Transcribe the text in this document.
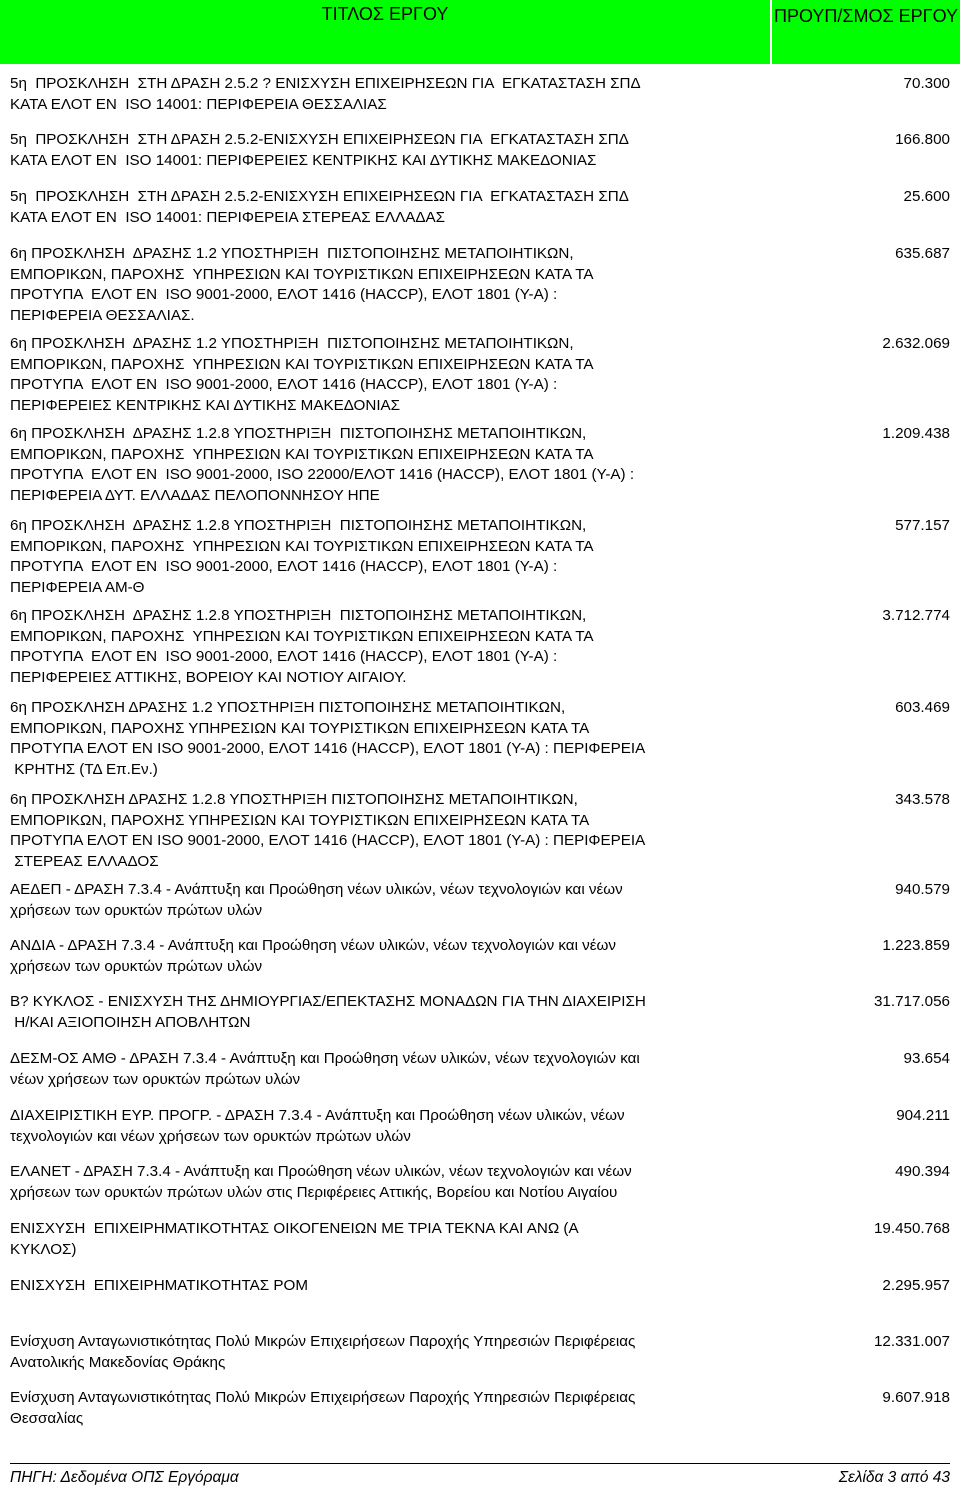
ΤΙΤΛΟΣ ΕΡΓΟΥ	ΠΡΟΥΠ/ΣΜΟΣ ΕΡΓΟΥ
5η  ΠΡΟΣΚΛΗΣΗ  ΣΤΗ ΔΡΑΣΗ 2.5.2 ? ΕΝΙΣΧΥΣΗ ΕΠΙΧΕΙΡΗΣΕΩΝ ΓΙΑ  ΕΓΚΑΤΑΣΤΑΣΗ ΣΠΔ
ΚΑΤΑ ΕΛΟΤ ΕΝ  ISO 14001: ΠΕΡΙΦΕΡΕΙΑ ΘΕΣΣΑΛΙΑΣ
70.300
5η  ΠΡΟΣΚΛΗΣΗ  ΣΤΗ ΔΡΑΣΗ 2.5.2-ΕΝΙΣΧΥΣΗ ΕΠΙΧΕΙΡΗΣΕΩΝ ΓΙΑ  ΕΓΚΑΤΑΣΤΑΣΗ ΣΠΔ
ΚΑΤΑ ΕΛΟΤ ΕΝ  ISO 14001: ΠΕΡΙΦΕΡΕΙΕΣ ΚΕΝΤΡΙΚΗΣ ΚΑΙ ΔΥΤΙΚΗΣ ΜΑΚΕΔΟΝΙΑΣ
166.800
5η  ΠΡΟΣΚΛΗΣΗ  ΣΤΗ ΔΡΑΣΗ 2.5.2-ΕΝΙΣΧΥΣΗ ΕΠΙΧΕΙΡΗΣΕΩΝ ΓΙΑ  ΕΓΚΑΤΑΣΤΑΣΗ ΣΠΔ
ΚΑΤΑ ΕΛΟΤ ΕΝ  ISO 14001: ΠΕΡΙΦΕΡΕΙΑ ΣΤΕΡΕΑΣ ΕΛΛΑΔΑΣ
25.600
6η ΠΡΟΣΚΛΗΣΗ  ΔΡΑΣΗΣ 1.2 ΥΠΟΣΤΗΡΙΞΗ  ΠΙΣΤΟΠΟΙΗΣΗΣ ΜΕΤΑΠΟΙΗΤΙΚΩΝ,
ΕΜΠΟΡΙΚΩΝ, ΠΑΡΟΧΗΣ  ΥΠΗΡΕΣΙΩΝ ΚΑΙ ΤΟΥΡΙΣΤΙΚΩΝ ΕΠΙΧΕΙΡΗΣΕΩΝ ΚΑΤΑ ΤΑ
ΠΡΟΤΥΠΑ  ΕΛΟΤ ΕΝ  ISO 9001-2000, ΕΛΟΤ 1416 (HACCP), ΕΛΟΤ 1801 (Υ-Α) :
ΠΕΡΙΦΕΡΕΙΑ ΘΕΣΣΑΛΙΑΣ.
635.687
6η ΠΡΟΣΚΛΗΣΗ  ΔΡΑΣΗΣ 1.2 ΥΠΟΣΤΗΡΙΞΗ  ΠΙΣΤΟΠΟΙΗΣΗΣ ΜΕΤΑΠΟΙΗΤΙΚΩΝ,
ΕΜΠΟΡΙΚΩΝ, ΠΑΡΟΧΗΣ  ΥΠΗΡΕΣΙΩΝ ΚΑΙ ΤΟΥΡΙΣΤΙΚΩΝ ΕΠΙΧΕΙΡΗΣΕΩΝ ΚΑΤΑ ΤΑ
ΠΡΟΤΥΠΑ  ΕΛΟΤ ΕΝ  ISO 9001-2000, ΕΛΟΤ 1416 (HACCP), ΕΛΟΤ 1801 (Υ-Α) :
ΠΕΡΙΦΕΡΕΙΕΣ ΚΕΝΤΡΙΚΗΣ ΚΑΙ ΔΥΤΙΚΗΣ ΜΑΚΕΔΟΝΙΑΣ
2.632.069
6η ΠΡΟΣΚΛΗΣΗ  ΔΡΑΣΗΣ 1.2.8 ΥΠΟΣΤΗΡΙΞΗ  ΠΙΣΤΟΠΟΙΗΣΗΣ ΜΕΤΑΠΟΙΗΤΙΚΩΝ,
ΕΜΠΟΡΙΚΩΝ, ΠΑΡΟΧΗΣ  ΥΠΗΡΕΣΙΩΝ ΚΑΙ ΤΟΥΡΙΣΤΙΚΩΝ ΕΠΙΧΕΙΡΗΣΕΩΝ ΚΑΤΑ ΤΑ
ΠΡΟΤΥΠΑ  ΕΛΟΤ ΕΝ  ISO 9001-2000, ISO 22000/ΕΛΟΤ 1416 (HACCP), ΕΛΟΤ 1801 (Υ-Α) :
ΠΕΡΙΦΕΡΕΙΑ ΔΥΤ. ΕΛΛΑΔΑΣ ΠΕΛΟΠΟΝΝΗΣΟΥ ΗΠΕ
1.209.438
6η ΠΡΟΣΚΛΗΣΗ  ΔΡΑΣΗΣ 1.2.8 ΥΠΟΣΤΗΡΙΞΗ  ΠΙΣΤΟΠΟΙΗΣΗΣ ΜΕΤΑΠΟΙΗΤΙΚΩΝ,
ΕΜΠΟΡΙΚΩΝ, ΠΑΡΟΧΗΣ  ΥΠΗΡΕΣΙΩΝ ΚΑΙ ΤΟΥΡΙΣΤΙΚΩΝ ΕΠΙΧΕΙΡΗΣΕΩΝ ΚΑΤΑ ΤΑ
ΠΡΟΤΥΠΑ  ΕΛΟΤ ΕΝ  ISO 9001-2000, ΕΛΟΤ 1416 (HACCP), ΕΛΟΤ 1801 (Υ-Α) :
ΠΕΡΙΦΕΡΕΙΑ ΑΜ-Θ
577.157
6η ΠΡΟΣΚΛΗΣΗ  ΔΡΑΣΗΣ 1.2.8 ΥΠΟΣΤΗΡΙΞΗ  ΠΙΣΤΟΠΟΙΗΣΗΣ ΜΕΤΑΠΟΙΗΤΙΚΩΝ,
ΕΜΠΟΡΙΚΩΝ, ΠΑΡΟΧΗΣ  ΥΠΗΡΕΣΙΩΝ ΚΑΙ ΤΟΥΡΙΣΤΙΚΩΝ ΕΠΙΧΕΙΡΗΣΕΩΝ ΚΑΤΑ ΤΑ
ΠΡΟΤΥΠΑ  ΕΛΟΤ ΕΝ  ISO 9001-2000, ΕΛΟΤ 1416 (HACCP), ΕΛΟΤ 1801 (Υ-Α) :
ΠΕΡΙΦΕΡΕΙΕΣ ΑΤΤΙΚΗΣ, ΒΟΡΕΙΟΥ ΚΑΙ ΝΟΤΙΟΥ ΑΙΓΑΙΟΥ.
3.712.774
6η ΠΡΟΣΚΛΗΣΗ ΔΡΑΣΗΣ 1.2 ΥΠΟΣΤΗΡΙΞΗ ΠΙΣΤΟΠΟΙΗΣΗΣ ΜΕΤΑΠΟΙΗΤΙΚΩΝ,
ΕΜΠΟΡΙΚΩΝ, ΠΑΡΟΧΗΣ ΥΠΗΡΕΣΙΩΝ ΚΑΙ ΤΟΥΡΙΣΤΙΚΩΝ ΕΠΙΧΕΙΡΗΣΕΩΝ ΚΑΤΑ ΤΑ
ΠΡΟΤΥΠΑ ΕΛΟΤ ΕΝ ISO 9001-2000, ΕΛΟΤ 1416 (HACCP), ΕΛΟΤ 1801 (Υ-Α) : ΠΕΡΙΦΕΡΕΙΑ
ΚΡΗΤΗΣ (ΤΔ Επ.Εν.)
603.469
6η ΠΡΟΣΚΛΗΣΗ ΔΡΑΣΗΣ 1.2.8 ΥΠΟΣΤΗΡΙΞΗ ΠΙΣΤΟΠΟΙΗΣΗΣ ΜΕΤΑΠΟΙΗΤΙΚΩΝ,
ΕΜΠΟΡΙΚΩΝ, ΠΑΡΟΧΗΣ ΥΠΗΡΕΣΙΩΝ ΚΑΙ ΤΟΥΡΙΣΤΙΚΩΝ ΕΠΙΧΕΙΡΗΣΕΩΝ ΚΑΤΑ ΤΑ
ΠΡΟΤΥΠΑ ΕΛΟΤ ΕΝ ISO 9001-2000, ΕΛΟΤ 1416 (HACCP), ΕΛΟΤ 1801 (Υ-Α) : ΠΕΡΙΦΕΡΕΙΑ
ΣΤΕΡΕΑΣ ΕΛΛΑΔΟΣ
343.578
ΑΕΔΕΠ - ΔΡΑΣΗ 7.3.4 - Ανάπτυξη και Προώθηση νέων υλικών, νέων τεχνολογιών και νέων
χρήσεων των ορυκτών πρώτων υλών
940.579
ΑΝΔΙΑ - ΔΡΑΣΗ 7.3.4 - Ανάπτυξη και Προώθηση νέων υλικών, νέων τεχνολογιών και νέων
χρήσεων των ορυκτών πρώτων υλών
1.223.859
Β? ΚΥΚΛΟΣ - ΕΝΙΣΧΥΣΗ ΤΗΣ ΔΗΜΙΟΥΡΓΙΑΣ/ΕΠΕΚΤΑΣΗΣ ΜΟΝΑΔΩΝ ΓΙΑ ΤΗΝ ΔΙΑΧΕΙΡΙΣΗ
Η/ΚΑΙ ΑΞΙΟΠΟΙΗΣΗ ΑΠΟΒΛΗΤΩΝ
31.717.056
ΔΕΣΜ-ΟΣ ΑΜΘ - ΔΡΑΣΗ 7.3.4 - Ανάπτυξη και Προώθηση νέων υλικών, νέων τεχνολογιών και
νέων χρήσεων των ορυκτών πρώτων υλών
93.654
ΔΙΑΧΕΙΡΙΣΤΙΚΗ ΕΥΡ. ΠΡΟΓΡ. - ΔΡΑΣΗ 7.3.4 - Ανάπτυξη και Προώθηση νέων υλικών, νέων
τεχνολογιών και νέων χρήσεων των ορυκτών πρώτων υλών
904.211
ΕΛΑΝΕΤ - ΔΡΑΣΗ 7.3.4 - Ανάπτυξη και Προώθηση νέων υλικών, νέων τεχνολογιών και νέων
χρήσεων των ορυκτών πρώτων υλών στις Περιφέρειες Αττικής, Βορείου και Νοτίου Αιγαίου
490.394
ΕΝΙΣΧΥΣΗ  ΕΠΙΧΕΙΡΗΜΑΤΙΚΟΤΗΤΑΣ ΟΙΚΟΓΕΝΕΙΩΝ ΜΕ ΤΡΙΑ ΤΕΚΝΑ ΚΑΙ ΑΝΩ (Α
ΚΥΚΛΟΣ)
19.450.768
ΕΝΙΣΧΥΣΗ  ΕΠΙΧΕΙΡΗΜΑΤΙΚΟΤΗΤΑΣ ΡΟΜ	2.295.957
Ενίσχυση Ανταγωνιστικότητας Πολύ Μικρών Επιχειρήσεων Παροχής Υπηρεσιών Περιφέρειας
Ανατολικής Μακεδονίας Θράκης
12.331.007
Ενίσχυση Ανταγωνιστικότητας Πολύ Μικρών Επιχειρήσεων Παροχής Υπηρεσιών Περιφέρειας
Θεσσαλίας
9.607.918
ΠΗΓΗ: Δεδομένα ΟΠΣ Εργόραμα	Σελίδα 3 από 43
